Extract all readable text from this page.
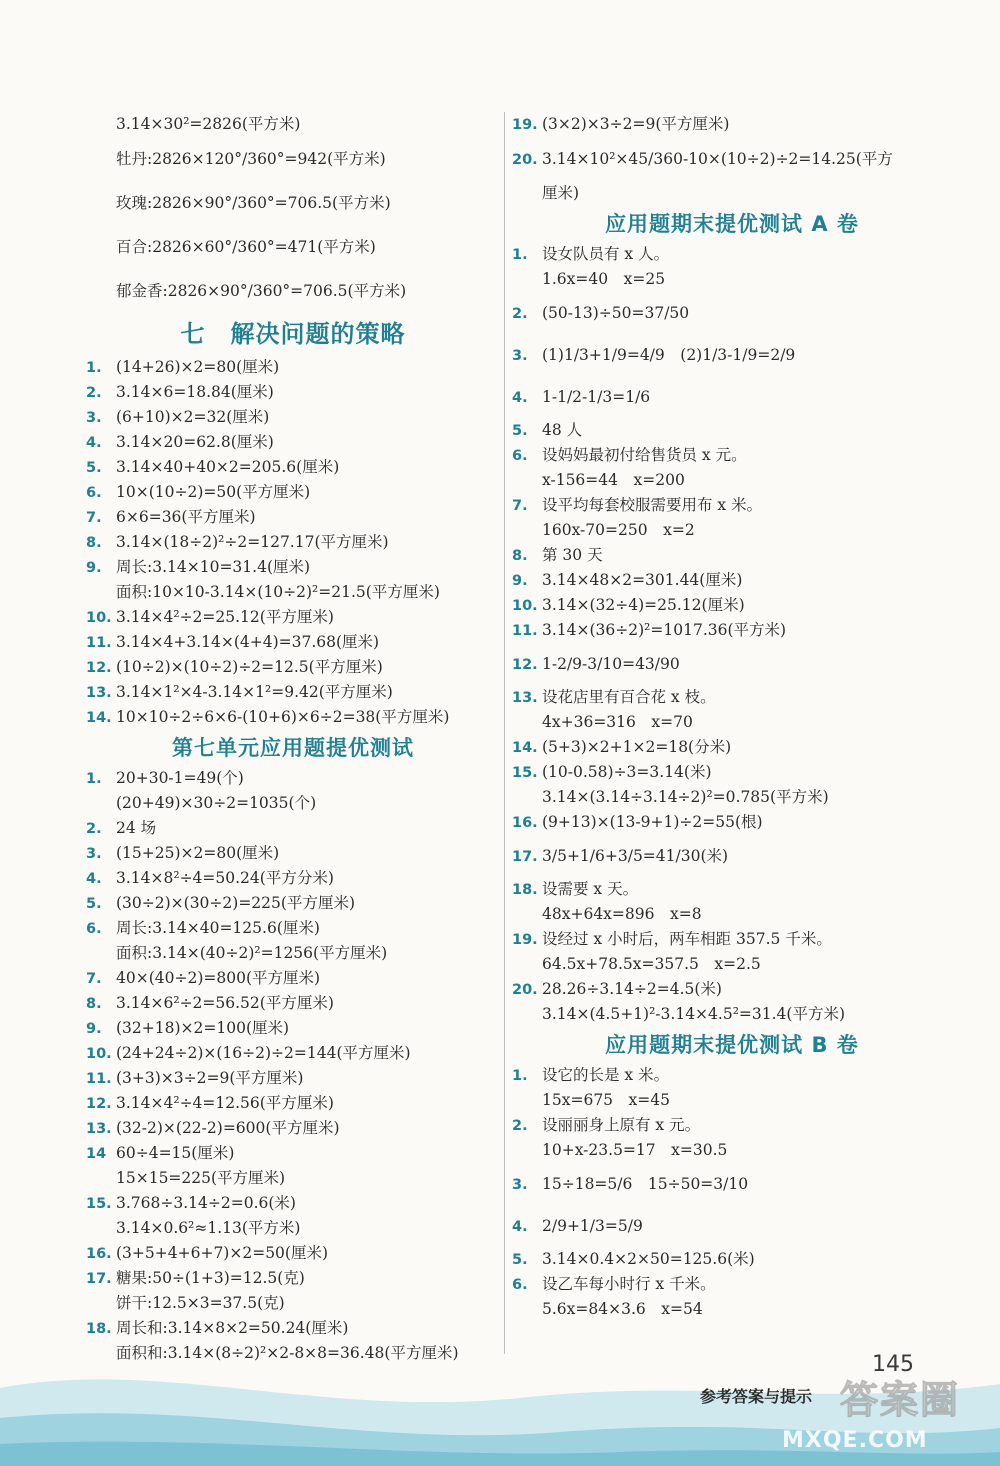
3.14×30²=2826(平方米)
牡丹:2826×120°/360°=942(平方米)
玫瑰:2826×90°/360°=706.5(平方米)
百合:2826×60°/360°=471(平方米)
郁金香:2826×90°/360°=706.5(平方米)
七　解决问题的策略
1. (14+26)×2=80(厘米)
2. 3.14×6=18.84(厘米)
3. (6+10)×2=32(厘米)
4. 3.14×20=62.8(厘米)
5. 3.14×40+40×2=205.6(厘米)
6. 10×(10÷2)=50(平方厘米)
7. 6×6=36(平方厘米)
8. 3.14×(18÷2)²÷2=127.17(平方厘米)
9. 周长:3.14×10=31.4(厘米)
面积:10×10-3.14×(10÷2)²=21.5(平方厘米)
10. 3.14×4²÷2=25.12(平方厘米)
11. 3.14×4+3.14×(4+4)=37.68(厘米)
12. (10÷2)×(10÷2)÷2=12.5(平方厘米)
13. 3.14×1²×4-3.14×1²=9.42(平方厘米)
14. 10×10÷2÷6×6-(10+6)×6÷2=38(平方厘米)
第七单元应用题提优测试
1. 20+30-1=49(个)
(20+49)×30÷2=1035(个)
2. 24 场
3. (15+25)×2=80(厘米)
4. 3.14×8²÷4=50.24(平方分米)
5. (30÷2)×(30÷2)=225(平方厘米)
6. 周长:3.14×40=125.6(厘米)
面积:3.14×(40÷2)²=1256(平方厘米)
7. 40×(40÷2)=800(平方厘米)
8. 3.14×6²÷2=56.52(平方厘米)
9. (32+18)×2=100(厘米)
10. (24+24÷2)×(16÷2)÷2=144(平方厘米)
11. (3+3)×3÷2=9(平方厘米)
12. 3.14×4²÷4=12.56(平方厘米)
13. (32-2)×(22-2)=600(平方厘米)
14 60÷4=15(厘米)
15×15=225(平方厘米)
15. 3.768÷3.14÷2=0.6(米)
3.14×0.6²≈1.13(平方米)
16. (3+5+4+6+7)×2=50(厘米)
17. 糖果:50÷(1+3)=12.5(克)
饼干:12.5×3=37.5(克)
18. 周长和:3.14×8×2=50.24(厘米)
面积和:3.14×(8÷2)²×2-8×8=36.48(平方厘米)
19. (3×2)×3÷2=9(平方厘米)
20. 3.14×10²×45/360-10×(10÷2)÷2=14.25(平方
厘米)
应用题期末提优测试 A 卷
1. 设女队员有 x 人。
1.6x=40　x=25
2. (50-13)÷50=37/50
3. (1)1/3+1/9=4/9　(2)1/3-1/9=2/9
4. 1-1/2-1/3=1/6
5. 48 人
6. 设妈妈最初付给售货员 x 元。
x-156=44　x=200
7. 设平均每套校服需要用布 x 米。
160x-70=250　x=2
8. 第 30 天
9. 3.14×48×2=301.44(厘米)
10. 3.14×(32÷4)=25.12(厘米)
11. 3.14×(36÷2)²=1017.36(平方米)
12. 1-2/9-3/10=43/90
13. 设花店里有百合花 x 枝。
4x+36=316　x=70
14. (5+3)×2+1×2=18(分米)
15. (10-0.58)÷3=3.14(米)
3.14×(3.14÷3.14÷2)²=0.785(平方米)
16. (9+13)×(13-9+1)÷2=55(根)
17. 3/5+1/6+3/5=41/30(米)
18. 设需要 x 天。
48x+64x=896　x=8
19. 设经过 x 小时后，两车相距 357.5 千米。
64.5x+78.5x=357.5　x=2.5
20. 28.26÷3.14÷2=4.5(米)
3.14×(4.5+1)²-3.14×4.5²=31.4(平方米)
应用题期末提优测试 B 卷
1. 设它的长是 x 米。
15x=675　x=45
2. 设丽丽身上原有 x 元。
10+x-23.5=17　x=30.5
3. 15÷18=5/6　15÷50=3/10
4. 2/9+1/3=5/9
5. 3.14×0.4×2×50=125.6(米)
6. 设乙车每小时行 x 千米。
5.6x=84×3.6　x=54
145
参考答案与提示 答案圈
MXQE.COM
